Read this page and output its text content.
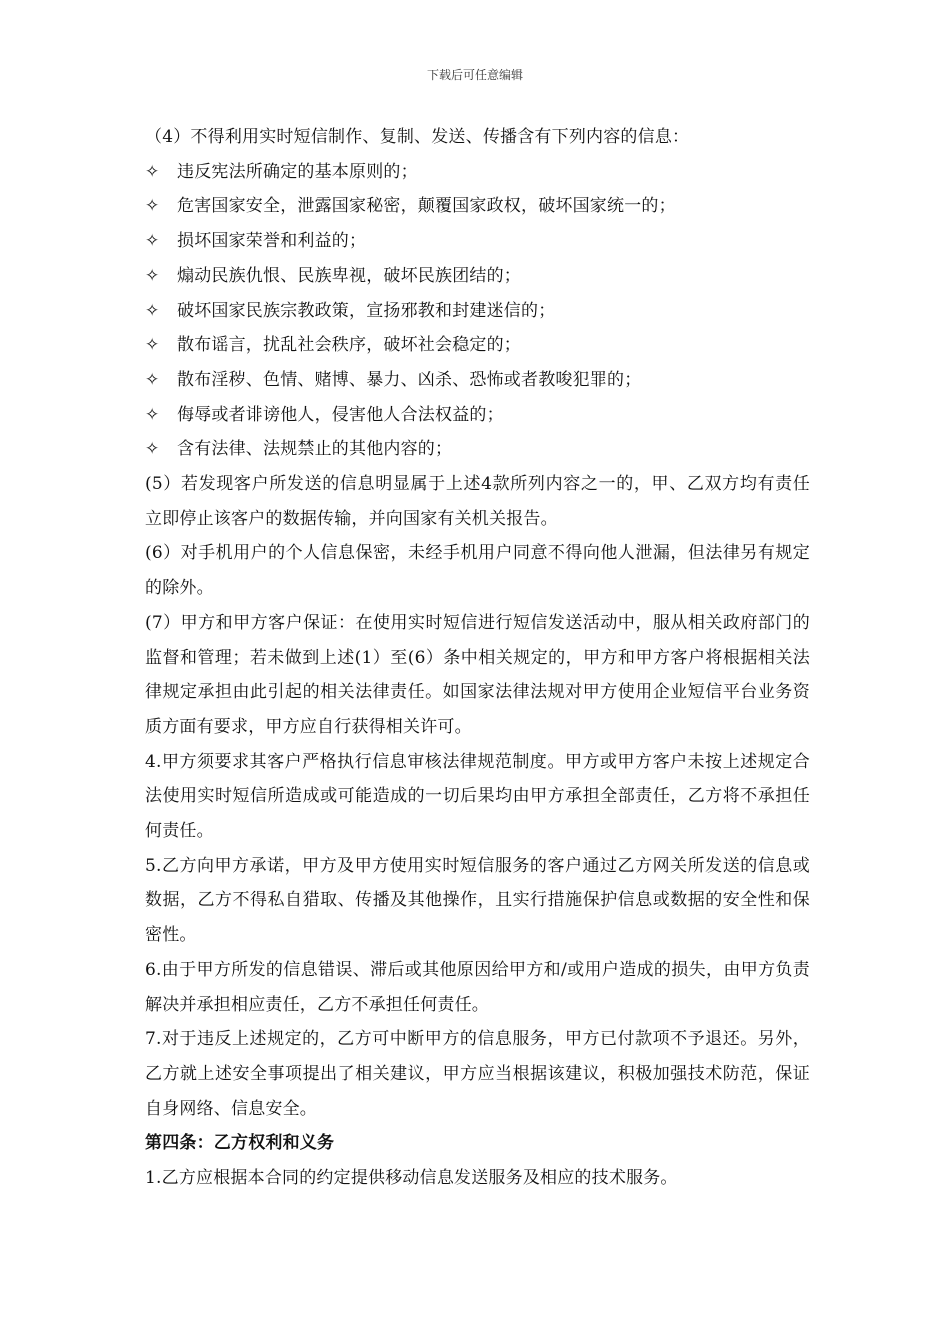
下载后可任意编辑

（4）不得利用实时短信制作、复制、发送、传播含有下列内容的信息：

✧	违反宪法所确定的基本原则的；
✧	危害国家安全，泄露国家秘密，颠覆国家政权，破坏国家统一的；
✧	损坏国家荣誉和利益的；
✧	煽动民族仇恨、民族卑视，破坏民族团结的；
✧	破坏国家民族宗教政策，宣扬邪教和封建迷信的；
✧	散布谣言，扰乱社会秩序，破坏社会稳定的；
✧	散布淫秽、色情、赌博、暴力、凶杀、恐怖或者教唆犯罪的；
✧	侮辱或者诽谤他人，侵害他人合法权益的；
✧	含有法律、法规禁止的其他内容的；

(5）若发现客户所发送的信息明显属于上述4款所列内容之一的，甲、乙双方均有责任立即停止该客户的数据传输，并向国家有关机关报告。

(6）对手机用户的个人信息保密，未经手机用户同意不得向他人泄漏，但法律另有规定的除外。

(7）甲方和甲方客户保证：在使用实时短信进行短信发送活动中，服从相关政府部门的监督和管理；若未做到上述(1）至(6）条中相关规定的，甲方和甲方客户将根据相关法律规定承担由此引起的相关法律责任。如国家法律法规对甲方使用企业短信平台业务资质方面有要求，甲方应自行获得相关许可。

4.甲方须要求其客户严格执行信息审核法律规范制度。甲方或甲方客户未按上述规定合法使用实时短信所造成或可能造成的一切后果均由甲方承担全部责任，乙方将不承担任何责任。

5.乙方向甲方承诺，甲方及甲方使用实时短信服务的客户通过乙方网关所发送的信息或数据，乙方不得私自猎取、传播及其他操作，且实行措施保护信息或数据的安全性和保密性。

6.由于甲方所发的信息错误、滞后或其他原因给甲方和/或用户造成的损失，由甲方负责解决并承担相应责任，乙方不承担任何责任。

7.对于违反上述规定的，乙方可中断甲方的信息服务，甲方已付款项不予退还。另外，乙方就上述安全事项提出了相关建议，甲方应当根据该建议，积极加强技术防范，保证自身网络、信息安全。

第四条：乙方权利和义务

1.乙方应根据本合同的约定提供移动信息发送服务及相应的技术服务。
